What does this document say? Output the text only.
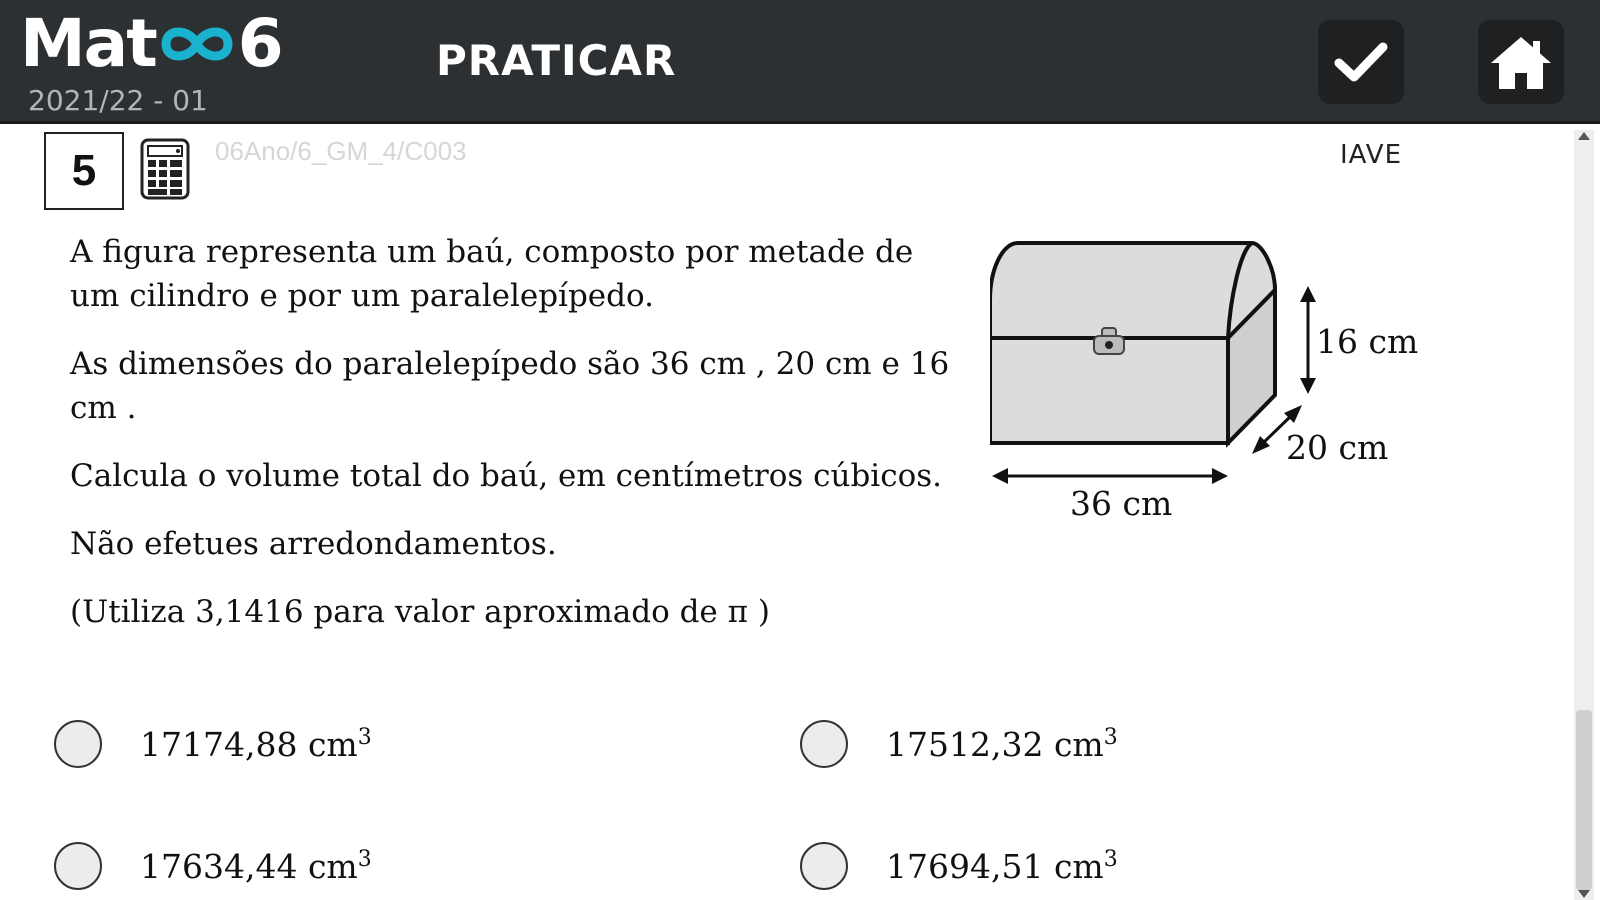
Mat 6
2021/22 - 01
PRATICAR
5	06Ano/6_GM_4/C003	IAVE

A figura representa um baú, composto por metade de um cilindro e por um paralelepípedo.

As dimensões do paralelepípedo são 36 cm , 20 cm e 16 cm .

Calcula o volume total do baú, em centímetros cúbicos.

Não efetues arredondamentos.

(Utiliza 3,1416 para valor aproximado de π )

16 cm
20 cm
36 cm
17174,88 $cm^3$	17512,32 $cm^3$
17634,44 $cm^3$	17694,51 $cm^3$
